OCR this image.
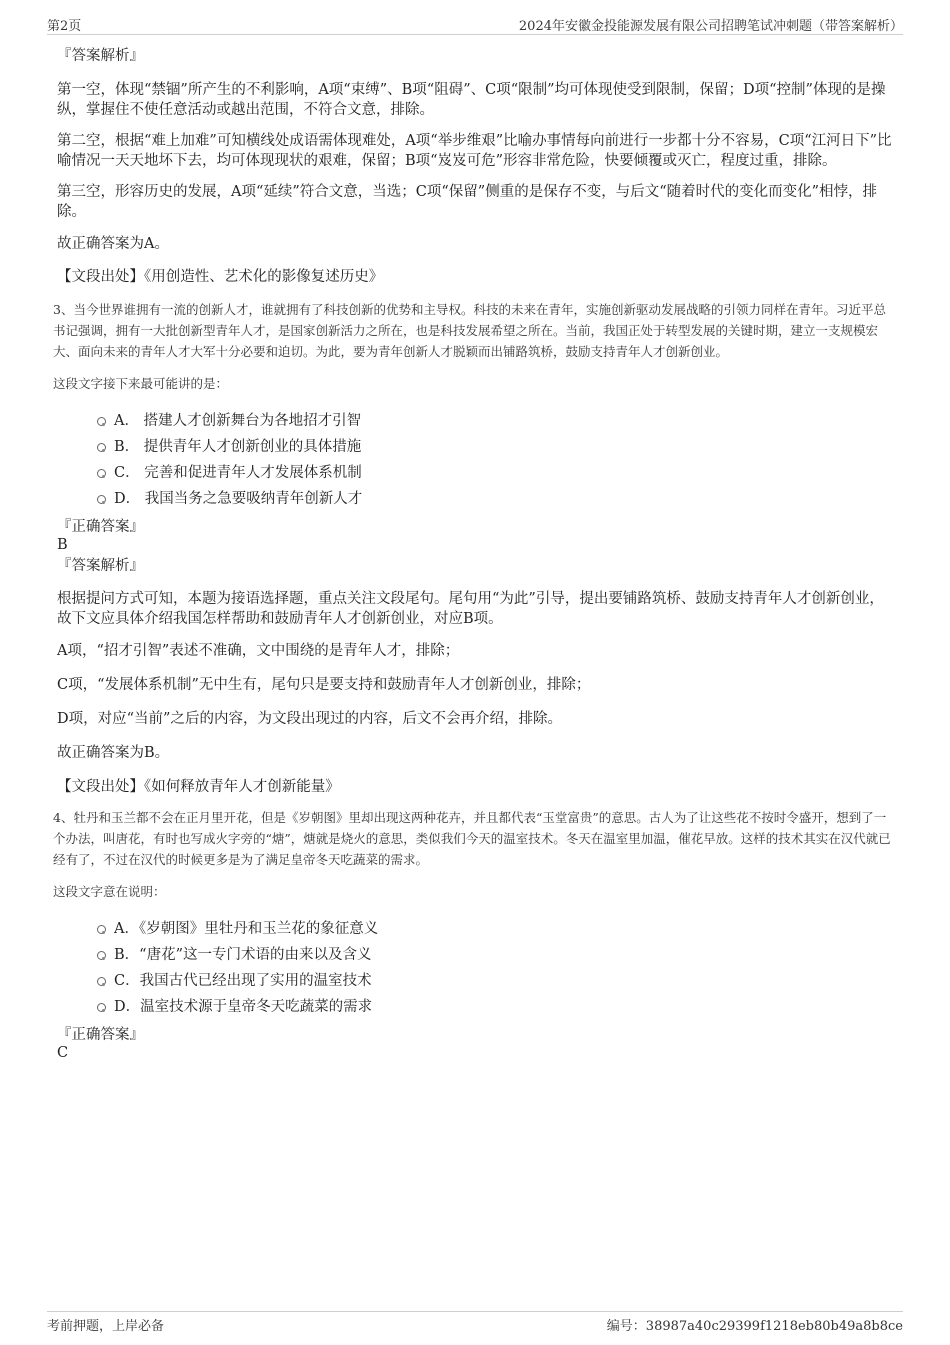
第2页	2024年安徽金投能源发展有限公司招聘笔试冲刺题（带答案解析）

『答案解析』

第一空，体现“禁锢”所产生的不利影响，A项“束缚”、B项“阻碍”、C项“限制”均可体现使受到限制，保留；D项“控制”体现的是操纵，掌握住不使任意活动或越出范围，不符合文意，排除。

第二空，根据“难上加难”可知横线处成语需体现难处，A项“举步维艰”比喻办事情每向前进行一步都十分不容易，C项“江河日下”比喻情况一天天地坏下去，均可体现现状的艰难，保留；B项“岌岌可危”形容非常危险，快要倾覆或灭亡，程度过重，排除。

第三空，形容历史的发展，A项“延续”符合文意，当选；C项“保留”侧重的是保存不变，与后文“随着时代的变化而变化”相悖，排除。

故正确答案为A。

【文段出处】《用创造性、艺术化的影像复述历史》

3、当今世界谁拥有一流的创新人才，谁就拥有了科技创新的优势和主导权。科技的未来在青年，实施创新驱动发展战略的引领力同样在青年。习近平总书记强调，拥有一大批创新型青年人才，是国家创新活力之所在，也是科技发展希望之所在。当前，我国正处于转型发展的关键时期，建立一支规模宏大、面向未来的青年人才大军十分必要和迫切。为此，要为青年创新人才脱颖而出铺路筑桥，鼓励支持青年人才创新创业。

这段文字接下来最可能讲的是：

A． 搭建人才创新舞台为各地招才引智
B． 提供青年人才创新创业的具体措施
C． 完善和促进青年人才发展体系机制
D． 我国当务之急要吸纳青年创新人才

『正确答案』

B

『答案解析』

根据提问方式可知，本题为接语选择题，重点关注文段尾句。尾句用“为此”引导，提出要铺路筑桥、鼓励支持青年人才创新创业，故下文应具体介绍我国怎样帮助和鼓励青年人才创新创业，对应B项。

A项，“招才引智”表述不准确，文中围绕的是青年人才，排除；

C项，“发展体系机制”无中生有，尾句只是要支持和鼓励青年人才创新创业，排除；

D项，对应“当前”之后的内容，为文段出现过的内容，后文不会再介绍，排除。

故正确答案为B。

【文段出处】《如何释放青年人才创新能量》

4、牡丹和玉兰都不会在正月里开花，但是《岁朝图》里却出现这两种花卉，并且都代表“玉堂富贵”的意思。古人为了让这些花不按时令盛开，想到了一个办法，叫唐花，有时也写成火字旁的“煻”，煻就是烧火的意思，类似我们今天的温室技术。冬天在温室里加温，催花早放。这样的技术其实在汉代就已经有了，不过在汉代的时候更多是为了满足皇帝冬天吃蔬菜的需求。

这段文字意在说明：

A．《岁朝图》里牡丹和玉兰花的象征意义
B．“唐花”这一专门术语的由来以及含义
C．我国古代已经出现了实用的温室技术
D．温室技术源于皇帝冬天吃蔬菜的需求

『正确答案』

C

考前押题，上岸必备	编号：38987a40c29399f1218eb80b49a8b8ce
